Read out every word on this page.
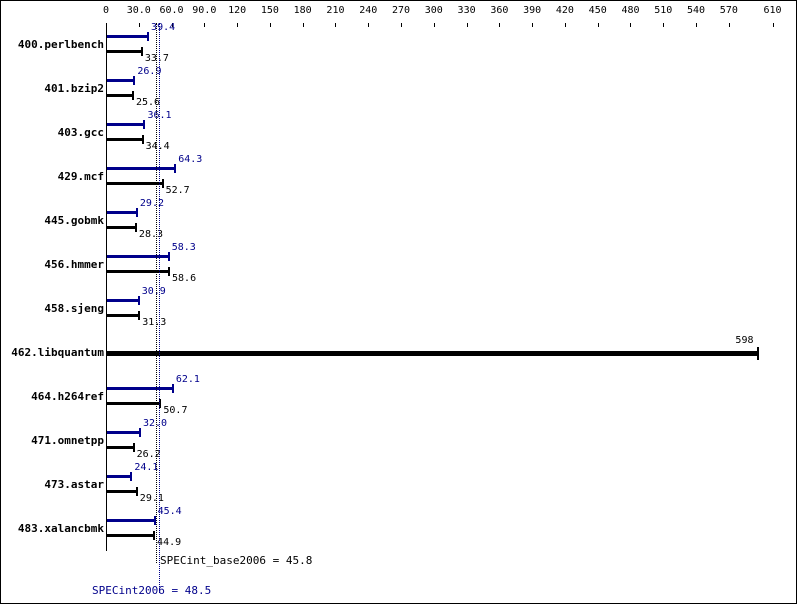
0 30.0 60.0 90.0 120 150 180 210 240 270 300 330 360 390 420 450 480 510 540 570	610
400.perlbench
401.bzip2
403.gcc
429.mcf
445.gobmk
456.hmmer
458.sjeng
462.libquantum
464.h264ref
471.omnetpp
473.astar
483.xalancbmk
39.4
33.7
26.9
25.6
36.1
34.4
64.3
52.7
29.2
28.3
58.3
58.6
30.9
31.3
598
62.1
50.7
32.0
26.2
24.1
29.1
45.4
44.9
SPECint_base2006 = 45.8
SPECint2006 = 48.5
